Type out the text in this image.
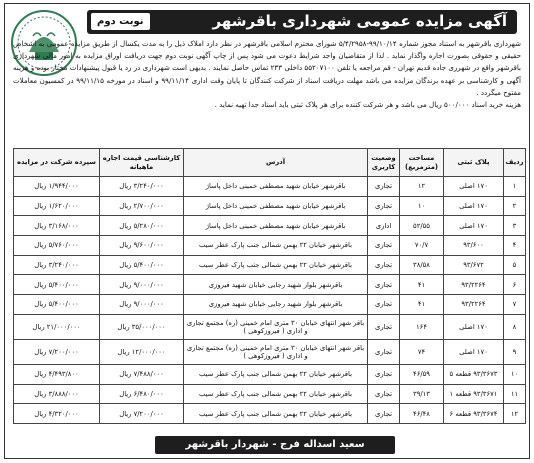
آگهی مزایده عمومی شهرداری باقرشهر
نوبت دوم

شهرداری باقرشهر به استناد مجوز شماره ۹۹/۱۰/۱۴-۵/۴/۲۹۵۸ شورای محترم اسلامی باقرشهر در نظر دارد املاک ذیل را به مدت یکسال از طریق مزایده عمومی به اشخاص حقیقی و حقوقی بصورت اجاره واگذار نماید . لذا از متقاضیان واجد شرایط دعوت می شود پس از چاپ آگهی نوبت دوم جهت دریافت اوراق مزایده به امور مالی شهرداری باقرشهر واقع در شهرری جاده قدیم تهران - قم مراجعه یا تلفن ۵۵۲۰۷۱۰۰ داخلی ۲۳۳ تماس حاصل نمایند . بدیهی است شهرداری در رد یا قبول پیشنهادات مختار بوده و هزینه آگهی و کارشناسی بر عهده برندگان مزایده می باشد مهلت دریافت اسناد از شرکت کنندگان تا پایان وقت اداری ۹۹/۱۱/۱۴ و اسناد در مورخه ۹۹/۱۱/۱۵ در کمسیون معاملات مفتوح میگردد .

هزینه خرید اسناد ۵۰۰/۰۰۰ ریال می باشد و هر شرکت کننده برای هر پلاک ثبتی باید اسناد جدا تهیه نماید .

ردیف	پلاک ثبتی	مساحت (مترمربع)	وضعیت کاربری	آدرس	کارشناسی قیمت اجاره ماهیانه	سپرده شرکت در مزایده
۱	۱۷۰ اصلی	۱۲	تجاری	باقرشهر خیابان شهید مصطفی خمینی داخل پاساژ	۳/۲۴۰/۰۰۰ ریال	۱/۹۴۴/۰۰۰ ریال
۲	۱۷۰ اصلی	۱۰	تجاری	باقرشهر خیابان شهید مصطفی خمینی داخل پاساژ	۲/۷۰۰/۰۰۰ ریال	۱/۶۲۰/۰۰۰ ریال
۳	۱۷۰ اصلی	۵۲/۵۵	اداری	باقرشهر خیابان شهید مصطفی خمینی داخل پاساژ	۵/۲۸۰/۰۰۰ ریال	۳/۱۶۸/۰۰۰ ریال
۴	۹۳/۶۰۰	۷۰/۷	تجاری	باقرشهر خیابان ۲۲ بهمن شمالی جنب پارک عطر سیب	۹/۶۰۰/۰۰۰ ریال	۵/۷۶۰/۰۰۰ ریال
۵	۹۳/۶۷۲	۳۸/۵۸	تجاری	باقرشهر خیابان ۲۲ بهمن شمالی جنب پارک عطر سیب	۵/۴۰۰/۰۰۰ ریال	۳/۲۴۰/۰۰۰ ریال
۶	۹۳/۲۲۶۴	۴۱	تجاری	باقرشهر بلوار شهید رجایی خیابان شهید فیروزی	۹/۰۰۰/۰۰۰ ریال	۵/۴۰۰/۰۰۰ ریال
۷	۹۳/۲۲۶۴	۴۱	تجاری	باقرشهر بلوار شهید رجایی خیابان شهید فیروزی	۹/۰۰۰/۰۰۰ ریال	۵/۴۰۰/۰۰۰ ریال
۸	۱۷۰ اصلی	۱۶۴	تجاری	باقر شهر انتهای خیابان ۳۰ متری امام خمینی (ره) مجتمع تجاری و اداری ( فیروزکوهی )	۳۵/۰۰۰/۰۰۰ ریال	۲۱/۰۰۰/۰۰۰ ریال
۹	۱۷۰ اصلی	۷۴	تجاری	باقر شهر انتهای خیابان ۳۰ متری امام خمینی (ره) مجتمع تجاری و اداری ( فیروزکوهی )	۱۲/۰۰۰/۰۰۰ ریال	۷/۲۰۰/۰۰۰ ریال
۱۰	۹۳/۳۶۷۳ قطعه ۵	۴۶/۵۹	تجاری	باقرشهر خیابان ۲۲ بهمن شمالی جنب پارک عطر سیب	۷/۴۸۸/۰۰۰ ریال	۴/۴۹۳/۸۰۰ ریال
۱۱	۹۳/۳۶۷۱ قطعه ۱	۳۹/۱۳	تجاری	باقرشهر خیابان ۲۲ بهمن شمالی جنب پارک عطر سیب	۶/۴۸۰/۰۰۰ ریال	۳/۸۸۸/۰۰۰ ریال
۱۲	۹۳/۳۶۷۴ قطعه ۶	۴۶/۴۸	تجاری	باقرشهر خیابان ۲۲ بهمن شمالی جنب پارک عطر سیب	۷/۲۰۰/۰۰۰ ریال	۴/۳۲۰/۰۰۰ ریال
سعید اسداله فرج - شهردار باقرشهر
